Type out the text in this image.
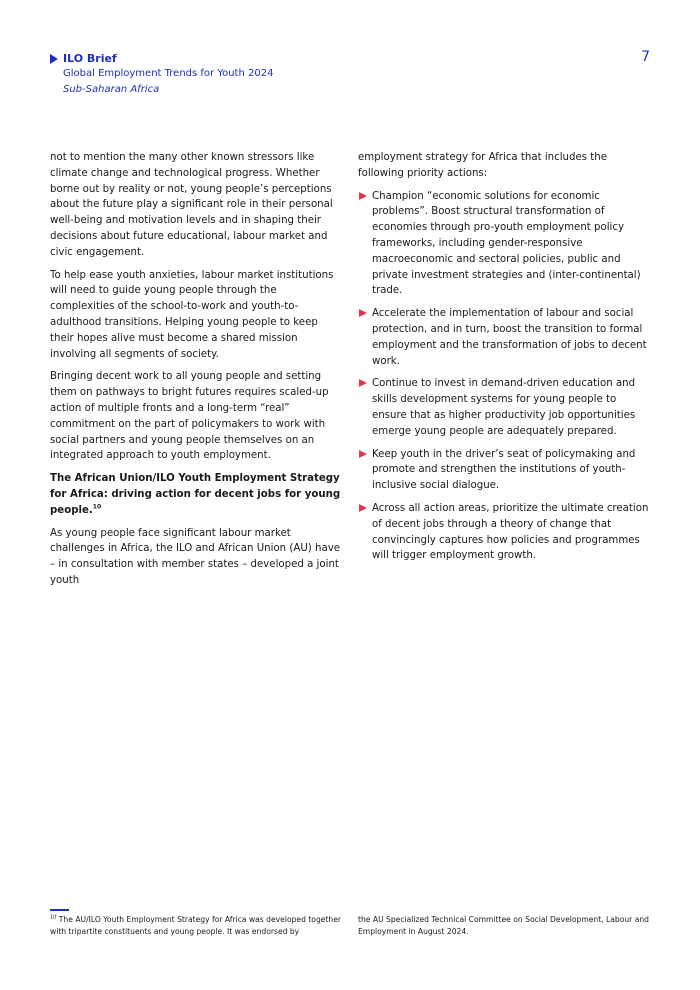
ILO Brief
Global Employment Trends for Youth 2024
Sub-Saharan Africa
7

not to mention the many other known stressors like climate change and technological progress. Whether borne out by reality or not, young people’s perceptions about the future play a significant role in their personal well-being and motivation levels and in shaping their decisions about future educational, labour market and civic engagement.

To help ease youth anxieties, labour market institutions will need to guide young people through the complexities of the school-to-work and youth-to-adulthood transitions. Helping young people to keep their hopes alive must become a shared mission involving all segments of society.

Bringing decent work to all young people and setting them on pathways to bright futures requires scaled-up action of multiple fronts and a long-term “real” commitment on the part of policymakers to work with social partners and young people themselves on an integrated approach to youth employment.

The African Union/ILO Youth Employment Strategy for Africa: driving action for decent jobs for young people.$^{10}$

As young people face significant labour market challenges in Africa, the ILO and African Union (AU) have – in consultation with member states – developed a joint youth

employment strategy for Africa that includes the following priority actions:

Champion “economic solutions for economic problems”. Boost structural transformation of economies through pro-youth employment policy frameworks, including gender-responsive macroeconomic and sectoral policies, public and private investment strategies and (inter-continental) trade.
Accelerate the implementation of labour and social protection, and in turn, boost the transition to formal employment and the transformation of jobs to decent work.
Continue to invest in demand-driven education and skills development systems for young people to ensure that as higher productivity job opportunities emerge young people are adequately prepared.
Keep youth in the driver’s seat of policymaking and promote and strengthen the institutions of youth-inclusive social dialogue.
Across all action areas, prioritize the ultimate creation of decent jobs through a theory of change that convincingly captures how policies and programmes will trigger employment growth.
$^{10}$ The AU/ILO Youth Employment Strategy for Africa was developed together with tripartite constituents and young people. It was endorsed by
the AU Specialized Technical Committee on Social Development, Labour and Employment in August 2024.
